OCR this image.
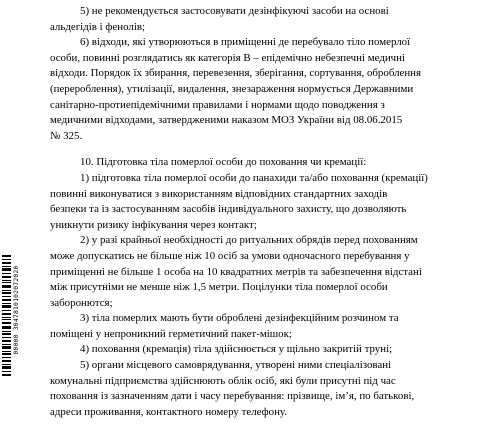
5) не рекомендується застосовувати дезінфікуючі засоби на основі
альдегідів і фенолів;

6) відходи, які утворюються в приміщенні де перебувало тіло померлої
особи, повинні розглядатись як категорія В – епідемічно небезпечні медичні
відходи. Порядок їх збирання, перевезення, зберігання, сортування, оброблення
(перероблення), утилізації, видалення, знезараження нормується Державними
санітарно-протиепідемічними правилами і нормами щодо поводження з
медичними відходами, затвердженими наказом МОЗ України від 08.06.2015
№ 325.

10. Підготовка тіла померлої особи до поховання чи кремації:

1) підготовка тіла померлої особи до панахиди та/або поховання (кремації)
повинні виконуватися з використанням відповідних стандартних заходів
безпеки та із застосуванням засобів індивідуального захисту, що дозволяють
уникнути ризику інфікування через контакт;

2) у разі крайньої необхідності до ритуальних обрядів перед похованням
може допускатись не більше ніж 10 осіб за умови одночасного перебування у
приміщенні не більше 1 особа на 10 квадратних метрів та забезпечення відстані
між присутніми не менше ніж 1,5 метри. Поцілунки тіла померлої особи
заборонются;

3) тіла померлих мають бути оброблені дезінфекційним розчином та
поміщені у непроникний герметичний пакет-мішок;

4) поховання (кремація) тіла здійснюється у щільно закритій труні;

5) органи місцевого самоврядування, утворені ними спеціалізовані
комунальні підприємства здійснюють облік осіб, які були присутні під час
поховання із зазначенням дати і часу перебування: прізвище, ім’я, по батькові,
адреси проживання, контактного номеру телефону.

00000 3047810102072020
